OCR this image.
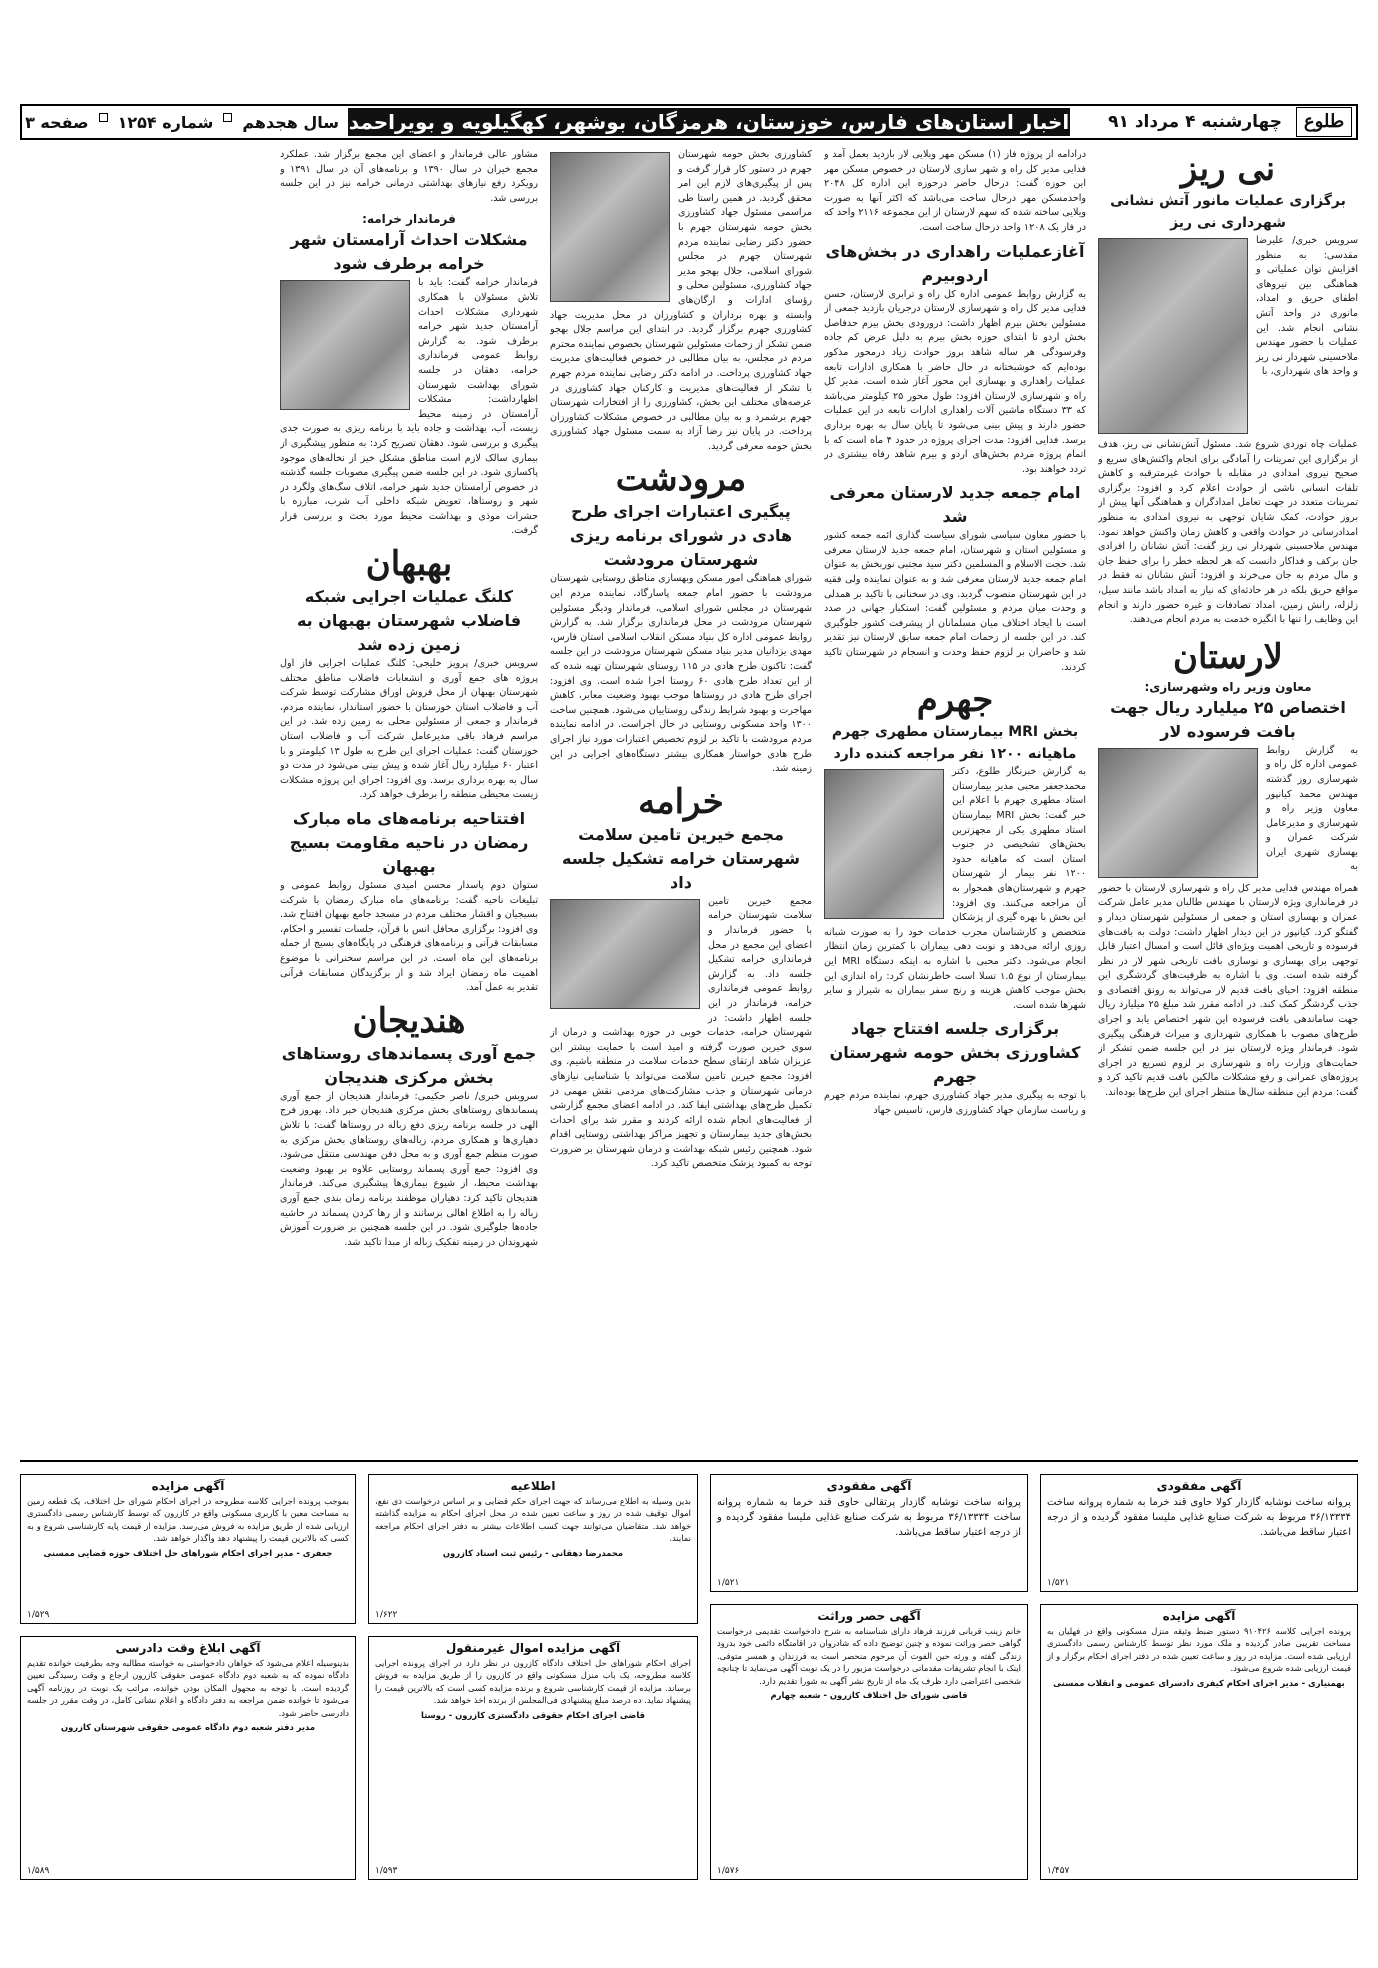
طلوع
چهارشنبه ۴ مرداد ۹۱
اخبار استان‌های فارس، خوزستان، هرمزگان، بوشهر، کهگیلویه و بویراحمد
سال هجدهم
شماره ۱۲۵۴
صفحه ۳
نی ریز
برگزاری عملیات مانور آتش نشانی شهرداری نی ریز
سرویس خبری/ علیرضا مقدسی: به منظور افزایش توان عملیاتی و هماهنگی بین نیروهای اطفای حریق و امداد، مانوری در واحد آتش نشانی انجام شد. این عملیات با حضور مهندس ملاحسینی شهردار نی ریز و واحد های شهرداری، با
عملیات چاه نوردی شروع شد. مسئول آتش‌نشانی نی ریز، هدف از برگزاری این تمرینات را آمادگی برای انجام واکنش‌های سریع و صحیح نیروی امدادی در مقابله با حوادث غیرمترقبه و کاهش تلفات انسانی ناشی از حوادث اعلام کرد و افزود: برگزاری تمرینات متعدد در جهت تعامل امدادگران و هماهنگی آنها پیش از بروز حوادث، کمک شایان توجهی به نیروی امدادی به منظور امدادرسانی در حوادث واقعی و کاهش زمان واکنش خواهد نمود. مهندس ملاحسینی شهردار نی ریز گفت: آتش نشانان را افرادی جان برکف و فداکار دانست که هر لحظه خطر را برای حفظ جان و مال مردم به جان می‌خرند و افزود: آتش نشانان نه فقط در مواقع حریق بلکه در هر حادثه‌ای که نیاز به امداد باشد مانند سیل، زلزله، رانش زمین، امداد تصادفات و غیره حضور دارند و انجام این وظایف را تنها با انگیزه خدمت به مردم انجام می‌دهند.
لارستان
معاون وزیر راه وشهرسازی:
اختصاص ۲۵ میلیارد ریال جهت بافت فرسوده لار
به گزارش روابط عمومی اداره کل راه و شهرسازی روز گذشته مهندس محمد کیانپور معاون وزیر راه و شهرسازی و مدیرعامل شرکت عمران و بهسازی شهری ایران به
همراه مهندس فدایی مدیر کل راه و شهرسازی لارستان با حضور در فرمانداری ویژه لارستان با مهندس طالبان مدیر عامل شرکت عمران و بهسازی استان و جمعی از مسئولین شهرستان دیدار و گفتگو کرد. کیانپور در این دیدار اظهار داشت: دولت به بافت‌های فرسوده و تاریخی اهمیت ویژه‌ای قائل است و امسال اعتبار قابل توجهی برای بهسازی و نوسازی بافت تاریخی شهر لار در نظر گرفته شده است. وی با اشاره به ظرفیت‌های گردشگری این منطقه افزود: احیای بافت قدیم لار می‌تواند به رونق اقتصادی و جذب گردشگر کمک کند. در ادامه مقرر شد مبلغ ۲۵ میلیارد ریال جهت ساماندهی بافت فرسوده این شهر اختصاص یابد و اجرای طرح‌های مصوب با همکاری شهرداری و میراث فرهنگی پیگیری شود. فرماندار ویژه لارستان نیز در این جلسه ضمن تشکر از حمایت‌های وزارت راه و شهرسازی بر لزوم تسریع در اجرای پروژه‌های عمرانی و رفع مشکلات مالکین بافت قدیم تاکید کرد و گفت: مردم این منطقه سال‌ها منتظر اجرای این طرح‌ها بوده‌اند.
درادامه از پروژه فاز (۱) مسکن مهر وبلایی لار بازدید بعمل آمد و فدایی مدیر کل راه و شهر سازی لارستان در خصوص مسکن مهر این حوزه گفت: درحال حاضر درحوزه این اداره کل ۲۰۴۸ واحدمسکن مهر درحال ساخت می‌باشد که اکثر آنها به صورت ویلایی ساخته شده که سهم لارستان از این مجموعه ۲۱۱۶ واحد که در فاز یک ۱۲۰۸ واحد درحال ساخت است.
آغازعملیات راهداری در بخش‌های اردوبیرم
به گزارش روابط عمومی اداره کل راه و ترابری لارستان، حسن فدایی مدیر کل راه و شهرسازی لارستان درجریان بازدید جمعی از مسئولین بخش بیرم اظهار داشت: درورودی بخش بیرم حدفاصل بخش اردو تا ابتدای حوزه بخش بیرم به دلیل عرض کم جاده وفرسودگی هر ساله شاهد بروز حوادث زیاد درمحور مذکور بوده‌ایم که خوشبختانه در حال حاضر با همکاری ادارات تابعه عملیات راهداری و بهسازی این محور آغاز شده است. مدیر کل راه و شهرسازی لارستان افزود: طول محور ۲۵ کیلومتر می‌باشد که ۳۳ دستگاه ماشین آلات راهداری ادارات تابعه در این عملیات حضور دارند و پیش بینی می‌شود تا پایان سال به بهره برداری برسد. فدایی افزود: مدت اجرای پروژه در حدود ۴ ماه است که با اتمام پروژه مردم بخش‌های اردو و بیرم شاهد رفاه بیشتری در تردد خواهند بود.
امام جمعه جدید لارستان معرفی شد
با حضور معاون سیاسی شورای سیاست گذاری ائمه جمعه کشور و مسئولین استان و شهرستان، امام جمعه جدید لارستان معرفی شد. حجت الاسلام و المسلمین دکتر سید مجتبی نوربخش به عنوان امام جمعه جدید لارستان معرفی شد و به عنوان نماینده ولی فقیه در این شهرستان منصوب گردید. وی در سخنانی با تاکید بر همدلی و وحدت میان مردم و مسئولین گفت: استکبار جهانی در صدد است با ایجاد اختلاف میان مسلمانان از پیشرفت کشور جلوگیری کند. در این جلسه از زحمات امام جمعه سابق لارستان نیز تقدیر شد و حاضران بر لزوم حفظ وحدت و انسجام در شهرستان تاکید کردند.
جهرم
بخش MRI بیمارستان مطهری جهرم ماهیانه ۱۲۰۰ نفر مراجعه کننده دارد
به گزارش خبرنگار طلوع، دکتر محمدجعفر محبی مدیر بیمارستان استاد مطهری جهرم با اعلام این خبر گفت: بخش MRI بیمارستان استاد مطهری یکی از مجهزترین بخش‌های تشخیصی در جنوب استان است که ماهیانه حدود ۱۲۰۰ نفر بیمار از شهرستان جهرم و شهرستان‌های همجوار به آن مراجعه می‌کنند. وی افزود: این بخش با بهره گیری از پزشکان متخصص و کارشناسان مجرب خدمات خود را به صورت شبانه روزی ارائه می‌دهد و نوبت دهی بیماران با کمترین زمان انتظار انجام می‌شود. دکتر محبی با اشاره به اینکه دستگاه MRI این بیمارستان از نوع ۱.۵ تسلا است خاطرنشان کرد: راه اندازی این بخش موجب کاهش هزینه و رنج سفر بیماران به شیراز و سایر شهرها شده است.
برگزاری جلسه افتتاح جهاد کشاورزی بخش حومه شهرستان جهرم
با توجه به پیگیری مدیر جهاد کشاورزی جهرم، نماینده مردم جهرم و ریاست سازمان جهاد کشاورزی فارس، تاسیس جهاد
کشاورزی بخش حومه شهرستان جهرم در دستور کار قرار گرفت و پس از پیگیری‌های لازم این امر محقق گردید. در همین راستا طی مراسمی مسئول جهاد کشاورزی بخش حومه شهرستان جهرم با حضور دکتر رضایی نماینده مردم شهرستان جهرم در مجلس شورای اسلامی، جلال بهجو مدیر جهاد کشاورزی، مسئولین محلی و رؤسای ادارات و ارگان‌های وابسته و بهره برداران و کشاورزان در محل مدیریت جهاد کشاورزی جهرم برگزار گردید. در ابتدای این مراسم جلال بهجو ضمن تشکر از زحمات مسئولین شهرستان بخصوص نماینده محترم مردم در مجلس، به بیان مطالبی در خصوص فعالیت‌های مدیریت جهاد کشاورزی پرداخت. در ادامه دکتر رضایی نماینده مردم جهرم با تشکر از فعالیت‌های مدیریت و کارکنان جهاد کشاورزی در عرصه‌های مختلف این بخش، کشاورزی را از افتخارات شهرستان جهرم برشمرد و به بیان مطالبی در خصوص مشکلات کشاورزان پرداخت. در پایان نیز رضا آزاد به سمت مسئول جهاد کشاورزی بخش حومه معرفی گردید.
مرودشت
پیگیری اعتبارات اجرای طرح هادی در شورای برنامه ریزی شهرستان مرودشت
شورای هماهنگی امور مسکن وبهسازی مناطق روستایی شهرستان مرودشت با حضور امام جمعه پاسارگاد، نماینده مردم این شهرستان در مجلس شورای اسلامی، فرماندار ودیگر مسئولین شهرستان مرودشت در محل فرمانداری برگزار شد. به گزارش روابط عمومی اداره کل بنیاد مسکن انقلاب اسلامی استان فارس، مهدی یزدانیان مدیر بنیاد مسکن شهرستان مرودشت در این جلسه گفت: تاکنون طرح هادی در ۱۱۵ روستای شهرستان تهیه شده که از این تعداد طرح هادی ۶۰ روستا اجرا شده است. وی افزود: اجرای طرح هادی در روستاها موجب بهبود وضعیت معابر، کاهش مهاجرت و بهبود شرایط زندگی روستاییان می‌شود. همچنین ساخت ۱۳۰۰ واحد مسکونی روستایی در حال اجراست. در ادامه نماینده مردم مرودشت با تاکید بر لزوم تخصیص اعتبارات مورد نیاز اجرای طرح هادی خواستار همکاری بیشتر دستگاه‌های اجرایی در این زمینه شد.
خرامه
مجمع خیرین تامین سلامت شهرستان خرامه تشکیل جلسه داد
مجمع خیرین تامین سلامت شهرستان خرامه با حضور فرماندار و اعضای این مجمع در محل فرمانداری خرامه تشکیل جلسه داد. به گزارش روابط عمومی فرمانداری خرامه، فرماندار در این جلسه اظهار داشت: در شهرستان خرامه، خدمات خوبی در حوزه بهداشت و درمان از سوی خیرین صورت گرفته و امید است با حمایت بیشتر این عزیزان شاهد ارتقای سطح خدمات سلامت در منطقه باشیم. وی افزود: مجمع خیرین تامین سلامت می‌تواند با شناسایی نیازهای درمانی شهرستان و جذب مشارکت‌های مردمی نقش مهمی در تکمیل طرح‌های بهداشتی ایفا کند. در ادامه اعضای مجمع گزارشی از فعالیت‌های انجام شده ارائه کردند و مقرر شد برای احداث بخش‌های جدید بیمارستان و تجهیز مراکز بهداشتی روستایی اقدام شود. همچنین رئیس شبکه بهداشت و درمان شهرستان بر ضرورت توجه به کمبود پزشک متخصص تاکید کرد.
مشاور عالی فرماندار و اعضای این مجمع برگزار شد. عملکرد مجمع خیران در سال ۱۳۹۰ و برنامه‌های آن در سال ۱۳۹۱ و رویکرد رفع نیازهای بهداشتی درمانی خرامه نیز در این جلسه بررسی شد.
فرماندار خرامه:
مشکلات احداث آرامستان شهر خرامه برطرف شود
فرماندار خرامه گفت: باید با تلاش مسئولان با همکاری شهرداری مشکلات احداث آرامستان جدید شهر خرامه برطرف شود. به گزارش روابط عمومی فرمانداری خرامه، دهقان در جلسه شورای بهداشت شهرستان اظهارداشت: مشکلات آرامستان در زمینه محیط زیست، آب، بهداشت و جاده باید با برنامه ریزی به صورت جدی پیگیری و بررسی شود. دهقان تصریح کرد: به منظور پیشگیری از بیماری سالک لازم است مناطق مشکل خیز از نخاله‌های موجود پاکسازی شود. در این جلسه ضمن پیگیری مصوبات جلسه گذشته در خصوص آرامستان جدید شهر خرامه، اتلاف سگ‌های ولگرد در شهر و روستاها، تعویض شبکه داخلی آب شرب، مبارزه با حشرات موذی و بهداشت محیط مورد بحث و بررسی قرار گرفت.
بهبهان
کلنگ عملیات اجرایی شبکه فاضلاب شهرستان بهبهان به زمین زده شد
سرویس خبری/ پرویز خلیجی: کلنگ عملیات اجرایی فاز اول پروژه های جمع آوری و انشعابات فاضلاب مناطق مختلف شهرستان بهبهان از محل فروش اوراق مشارکت توسط شرکت آب و فاضلاب استان خوزستان با حضور استاندار، نماینده مردم، فرماندار و جمعی از مسئولین محلی به زمین زده شد. در این مراسم فرهاد باقی مدیرعامل شرکت آب و فاضلاب استان خوزستان گفت: عملیات اجرای این طرح به طول ۱۳ کیلومتر و با اعتبار ۶۰ میلیارد ریال آغاز شده و پیش بینی می‌شود در مدت دو سال به بهره برداری برسد. وی افزود: اجرای این پروژه مشکلات زیست محیطی منطقه را برطرف خواهد کرد.
افتتاحیه برنامه‌های ماه مبارک رمضان در ناحیه مقاومت بسیج بهبهان
ستوان دوم پاسدار محسن امیدی مسئول روابط عمومی و تبلیغات ناحیه گفت: برنامه‌های ماه مبارک رمضان با شرکت بسیجیان و اقشار مختلف مردم در مسجد جامع بهبهان افتتاح شد. وی افزود: برگزاری محافل انس با قرآن، جلسات تفسیر و احکام، مسابقات قرآنی و برنامه‌های فرهنگی در پایگاه‌های بسیج از جمله برنامه‌های این ماه است. در این مراسم سخنرانی با موضوع اهمیت ماه رمضان ایراد شد و از برگزیدگان مسابقات قرآنی تقدیر به عمل آمد.
هندیجان
جمع آوری پسماندهای روستاهای بخش مرکزی هندیجان
سرویس خبری/ ناصر حکیمی: فرماندار هندیجان از جمع آوری پسماندهای روستاهای بخش مرکزی هندیجان خبر داد. بهروز فرج الهی در جلسه برنامه ریزی دفع زباله در روستاها گفت: با تلاش دهیاری‌ها و همکاری مردم، زباله‌های روستاهای بخش مرکزی به صورت منظم جمع آوری و به محل دفن مهندسی منتقل می‌شود. وی افزود: جمع آوری پسماند روستایی علاوه بر بهبود وضعیت بهداشت محیط، از شیوع بیماری‌ها پیشگیری می‌کند. فرماندار هندیجان تاکید کرد: دهیاران موظفند برنامه زمان بندی جمع آوری زباله را به اطلاع اهالی برسانند و از رها کردن پسماند در حاشیه جاده‌ها جلوگیری شود. در این جلسه همچنین بر ضرورت آموزش شهروندان در زمینه تفکیک زباله از مبدا تاکید شد.
آگهی مفقودی
پروانه ساخت نوشابه گازدار کولا حاوی قند خرما به شماره پروانه ساخت ۳۶/۱۳۳۳۴ مربوط به شرکت صنایع غذایی ملیسا مفقود گردیده و از درجه اعتبار ساقط می‌باشد.
۱/۵۲۱
آگهی مفقودی
پروانه ساخت نوشابه گازدار پرتقالی حاوی قند خرما به شماره پروانه ساخت ۳۶/۱۳۳۳۴ مربوط به شرکت صنایع غذایی ملیسا مفقود گردیده و از درجه اعتبار ساقط می‌باشد.
۱/۵۲۱
اطلاعیه
بدین وسیله به اطلاع می‌رساند که جهت اجرای حکم قضایی و بر اساس درخواست ذی نفع، اموال توقیف شده در روز و ساعت تعیین شده در محل اجرای احکام به مزایده گذاشته خواهد شد. متقاضیان می‌توانند جهت کسب اطلاعات بیشتر به دفتر اجرای احکام مراجعه نمایند.
محمدرضا دهقانی - رئیس ثبت اسناد کازرون
۱/۶۲۲
آگهی مزایده
بموجب پرونده اجرایی کلاسه مطروحه در اجرای احکام شورای حل اختلاف، یک قطعه زمین به مساحت معین با کاربری مسکونی واقع در کازرون که توسط کارشناس رسمی دادگستری ارزیابی شده از طریق مزایده به فروش می‌رسد. مزایده از قیمت پایه کارشناسی شروع و به کسی که بالاترین قیمت را پیشنهاد دهد واگذار خواهد شد.
جعفری - مدیر اجرای احکام شوراهای حل اختلاف حوزه قضایی ممسنی
۱/۵۲۹	آگهی مزایده
پرونده اجرایی کلاسه ۹۱۰۴۲۶ دستور ضبط وثیقه منزل مسکونی واقع در فهلیان به مساحت تقریبی صادر گردیده و ملک مورد نظر توسط کارشناس رسمی دادگستری ارزیابی شده است. مزایده در روز و ساعت تعیین شده در دفتر اجرای احکام برگزار و از قیمت ارزیابی شده شروع می‌شود.
بهمنیاری - مدیر اجرای احکام کیفری دادسرای عمومی و انقلاب ممسنی
۱/۴۵۷
آگهی حصر وراثت
خانم زینب قربانی فرزند فرهاد دارای شناسنامه به شرح دادخواست تقدیمی درخواست گواهی حصر وراثت نموده و چنین توضیح داده که شادروان در اقامتگاه دائمی خود بدرود زندگی گفته و ورثه حین الفوت آن مرحوم منحصر است به فرزندان و همسر متوفی. اینک با انجام تشریفات مقدماتی درخواست مزبور را در یک نوبت آگهی می‌نماید تا چنانچه شخصی اعتراضی دارد ظرف یک ماه از تاریخ نشر آگهی به شورا تقدیم دارد.
قاضی شورای حل اختلاف کازرون - شعبه چهارم
۱/۵۷۶
آگهی مزایده اموال غیرمنقول
اجرای احکام شوراهای حل اختلاف دادگاه کازرون در نظر دارد در اجرای پرونده اجرایی کلاسه مطروحه، یک باب منزل مسکونی واقع در کازرون را از طریق مزایده به فروش برساند. مزایده از قیمت کارشناسی شروع و برنده مزایده کسی است که بالاترین قیمت را پیشنهاد نماید. ده درصد مبلغ پیشنهادی فی‌المجلس از برنده اخذ خواهد شد.
قاضی اجرای احکام حقوقی دادگستری کازرون - روستا
۱/۵۹۳
آگهی ابلاغ وقت دادرسی
بدینوسیله اعلام می‌شود که خواهان دادخواستی به خواسته مطالبه وجه بطرفیت خوانده تقدیم دادگاه نموده که به شعبه دوم دادگاه عمومی حقوقی کازرون ارجاع و وقت رسیدگی تعیین گردیده است. با توجه به مجهول المکان بودن خوانده، مراتب یک نوبت در روزنامه آگهی می‌شود تا خوانده ضمن مراجعه به دفتر دادگاه و اعلام نشانی کامل، در وقت مقرر در جلسه دادرسی حاضر شود.
مدیر دفتر شعبه دوم دادگاه عمومی حقوقی شهرستان کازرون
۱/۵۸۹
